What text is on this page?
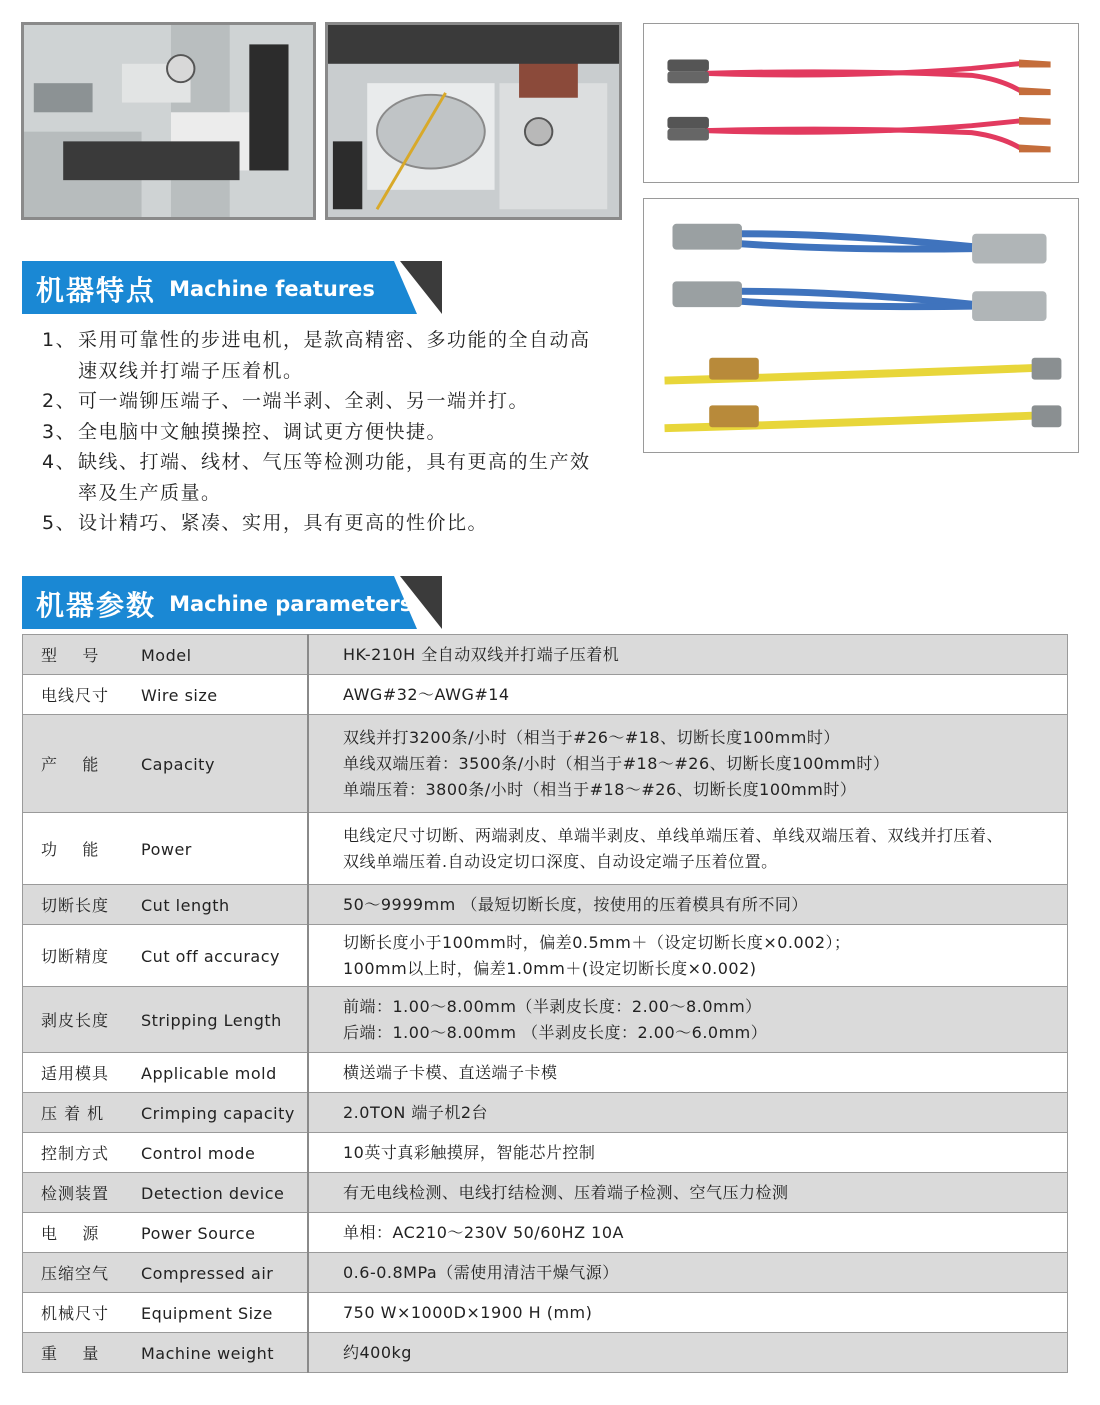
机器特点 Machine features
1、 采用可靠性的步进电机，是款高精密、多功能的全自动高速双线并打端子压着机。
2、 可一端铆压端子、一端半剥、全剥、另一端并打。
3、 全电脑中文触摸操控、调试更方便快捷。
4、 缺线、打端、线材、气压等检测功能，具有更高的生产效率及生产质量。
5、 设计精巧、紧凑、实用，具有更高的性价比。
机器参数 Machine parameters
型    号 Model	HK-210H 全自动双线并打端子压着机

电线尺寸 Wire size	AWG#32～AWG#14

产    能 Capacity	双线并打3200条/小时（相当于#26～#18、切断长度100mm时）
单线双端压着：3500条/小时（相当于#18～#26、切断长度100mm时）
单端压着：3800条/小时（相当于#18～#26、切断长度100mm时）

功    能 Power	电线定尺寸切断、两端剥皮、单端半剥皮、单线单端压着、单线双端压着、双线并打压着、
双线单端压着.自动设定切口深度、自动设定端子压着位置。

切断长度 Cut length	50～9999mm （最短切断长度，按使用的压着模具有所不同）

切断精度 Cut off accuracy	切断长度小于100mm时，偏差0.5mm＋（设定切断长度×0.002）；
100mm以上时，偏差1.0mm＋(设定切断长度×0.002)

剥皮长度 Stripping Length	前端：1.00～8.00mm（半剥皮长度：2.00～8.0mm）
后端：1.00～8.00mm （半剥皮长度：2.00～6.0mm）

适用模具 Applicable mold	横送端子卡模、直送端子卡模

压 着 机 Crimping capacity	2.0TON 端子机2台

控制方式 Control mode	10英寸真彩触摸屏，智能芯片控制

检测装置 Detection device	有无电线检测、电线打结检测、压着端子检测、空气压力检测

电    源 Power Source	单相：AC210～230V 50/60HZ 10A

压缩空气 Compressed air	0.6-0.8MPa（需使用清洁干燥气源）

机械尺寸 Equipment Size	750 W×1000D×1900 H (mm)

重    量 Machine weight	约400kg
